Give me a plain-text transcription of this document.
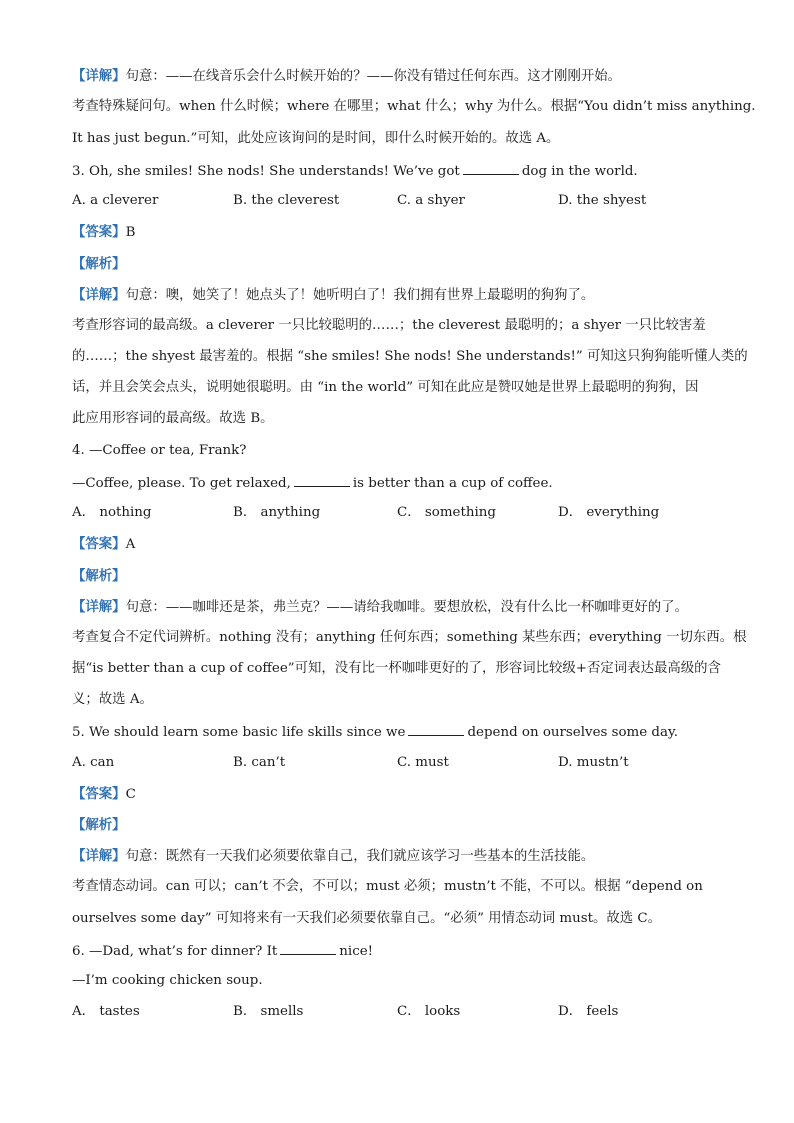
【详解】句意：——在线音乐会什么时候开始的？——你没有错过任何东西。这才刚刚开始。
考查特殊疑问句。when 什么时候；where 在哪里；what 什么；why 为什么。根据“You didn’t miss anything.
It has just begun.”可知，此处应该询问的是时间，即什么时候开始的。故选 A。
3. Oh, she smiles! She nods! She understands! We’ve got	dog in the world.
A. a cleverer	B. the cleverest	C. a shyer	D. the shyest
【答案】B
【解析】
【详解】句意：噢，她笑了！她点头了！她听明白了！我们拥有世界上最聪明的狗狗了。
考查形容词的最高级。a cleverer 一只比较聪明的……；the cleverest 最聪明的；a shyer 一只比较害羞
的……；the shyest 最害羞的。根据 “she smiles! She nods! She understands!” 可知这只狗狗能听懂人类的
话，并且会笑会点头，说明她很聪明。由 “in the world” 可知在此应是赞叹她是世界上最聪明的狗狗，因
此应用形容词的最高级。故选 B。
4. —Coffee or tea, Frank?
—Coffee, please. To get relaxed,	is better than a cup of coffee.
A． nothing	B． anything	C． something	D． everything
【答案】A
【解析】
【详解】句意：——咖啡还是茶，弗兰克？——请给我咖啡。要想放松，没有什么比一杯咖啡更好的了。
考查复合不定代词辨析。nothing 没有；anything 任何东西；something 某些东西；everything 一切东西。根
据“is better than a cup of coffee”可知，没有比一杯咖啡更好的了，形容词比较级+否定词表达最高级的含
义；故选 A。
5. We should learn some basic life skills since we	depend on ourselves some day.
A. can	B. can’t	C. must	D. mustn’t
【答案】C
【解析】
【详解】句意：既然有一天我们必须要依靠自己，我们就应该学习一些基本的生活技能。
考查情态动词。can 可以；can’t 不会，不可以；must 必须；mustn’t 不能，不可以。根据 “depend on
ourselves some day” 可知将来有一天我们必须要依靠自己。“必须” 用情态动词 must。故选 C。
6. —Dad, what’s for dinner? It	nice!
—I’m cooking chicken soup.
A． tastes	B． smells	C． looks	D． feels
